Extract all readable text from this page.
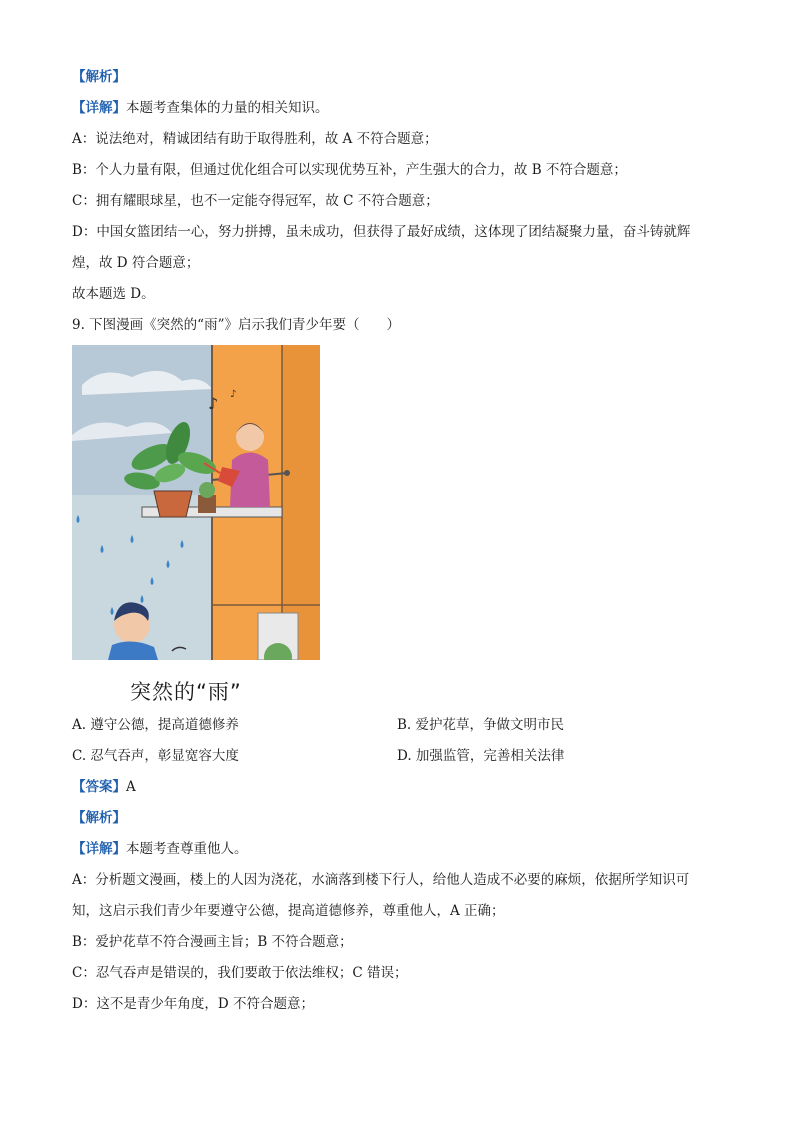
【解析】
【详解】本题考查集体的力量的相关知识。
A：说法绝对，精诚团结有助于取得胜利，故 A 不符合题意；
B：个人力量有限，但通过优化组合可以实现优势互补，产生强大的合力，故 B 不符合题意；
C：拥有耀眼球星，也不一定能夺得冠军，故 C 不符合题意；
D：中国女篮团结一心，努力拼搏，虽未成功，但获得了最好成绩，这体现了团结凝聚力量，奋斗铸就辉
煌，故 D 符合题意；
故本题选 D。
9. 下图漫画《突然的“雨”》启示我们青少年要（　　）
♪ ♪
突然的“雨”
A. 遵守公德，提高道德修养	B. 爱护花草，争做文明市民
C. 忍气吞声，彰显宽容大度	D. 加强监管，完善相关法律
【答案】A
【解析】
【详解】本题考查尊重他人。
A：分析题文漫画，楼上的人因为浇花，水滴落到楼下行人，给他人造成不必要的麻烦，依据所学知识可
知，这启示我们青少年要遵守公德，提高道德修养，尊重他人，A 正确；
B：爱护花草不符合漫画主旨；B 不符合题意；
C：忍气吞声是错误的，我们要敢于依法维权；C 错误；
D：这不是青少年角度，D 不符合题意；
